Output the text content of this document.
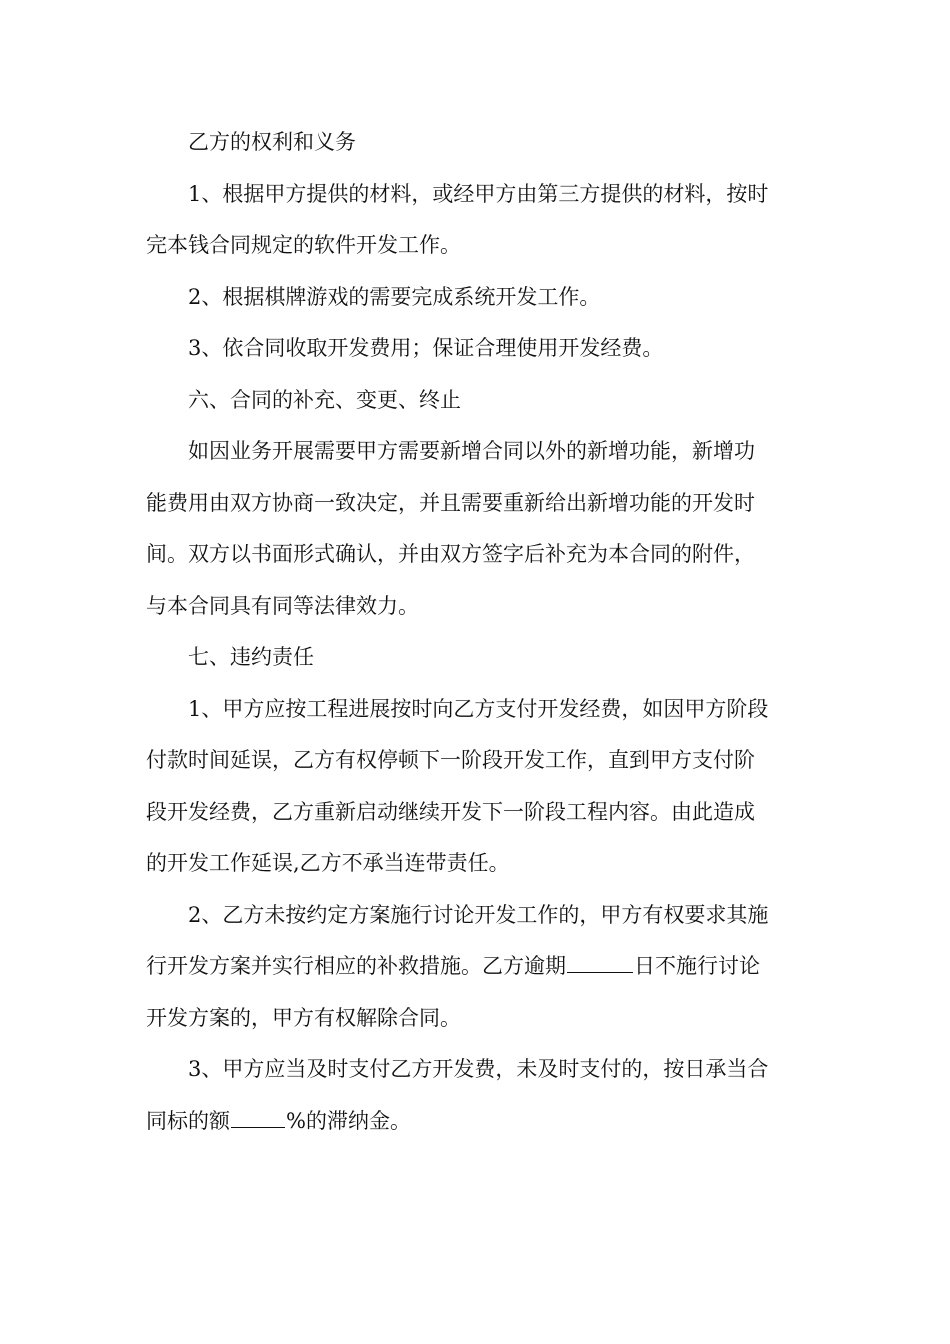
乙方的权利和义务

1、根据甲方提供的材料，或经甲方由第三方提供的材料，按时
完本钱合同规定的软件开发工作。

2、根据棋牌游戏的需要完成系统开发工作。

3、依合同收取开发费用；保证合理使用开发经费。

六、合同的补充、变更、终止

如因业务开展需要甲方需要新增合同以外的新增功能，新增功
能费用由双方协商一致决定，并且需要重新给出新增功能的开发时
间。双方以书面形式确认，并由双方签字后补充为本合同的附件，
与本合同具有同等法律效力。

七、违约责任

1、甲方应按工程进展按时向乙方支付开发经费，如因甲方阶段
付款时间延误，乙方有权停顿下一阶段开发工作，直到甲方支付阶
段开发经费，乙方重新启动继续开发下一阶段工程内容。由此造成
的开发工作延误,乙方不承当连带责任。

2、乙方未按约定方案施行讨论开发工作的，甲方有权要求其施
行开发方案并实行相应的补救措施。乙方逾期	日不施行讨论
开发方案的，甲方有权解除合同。

3、甲方应当及时支付乙方开发费，未及时支付的，按日承当合
同标的额	%的滞纳金。
